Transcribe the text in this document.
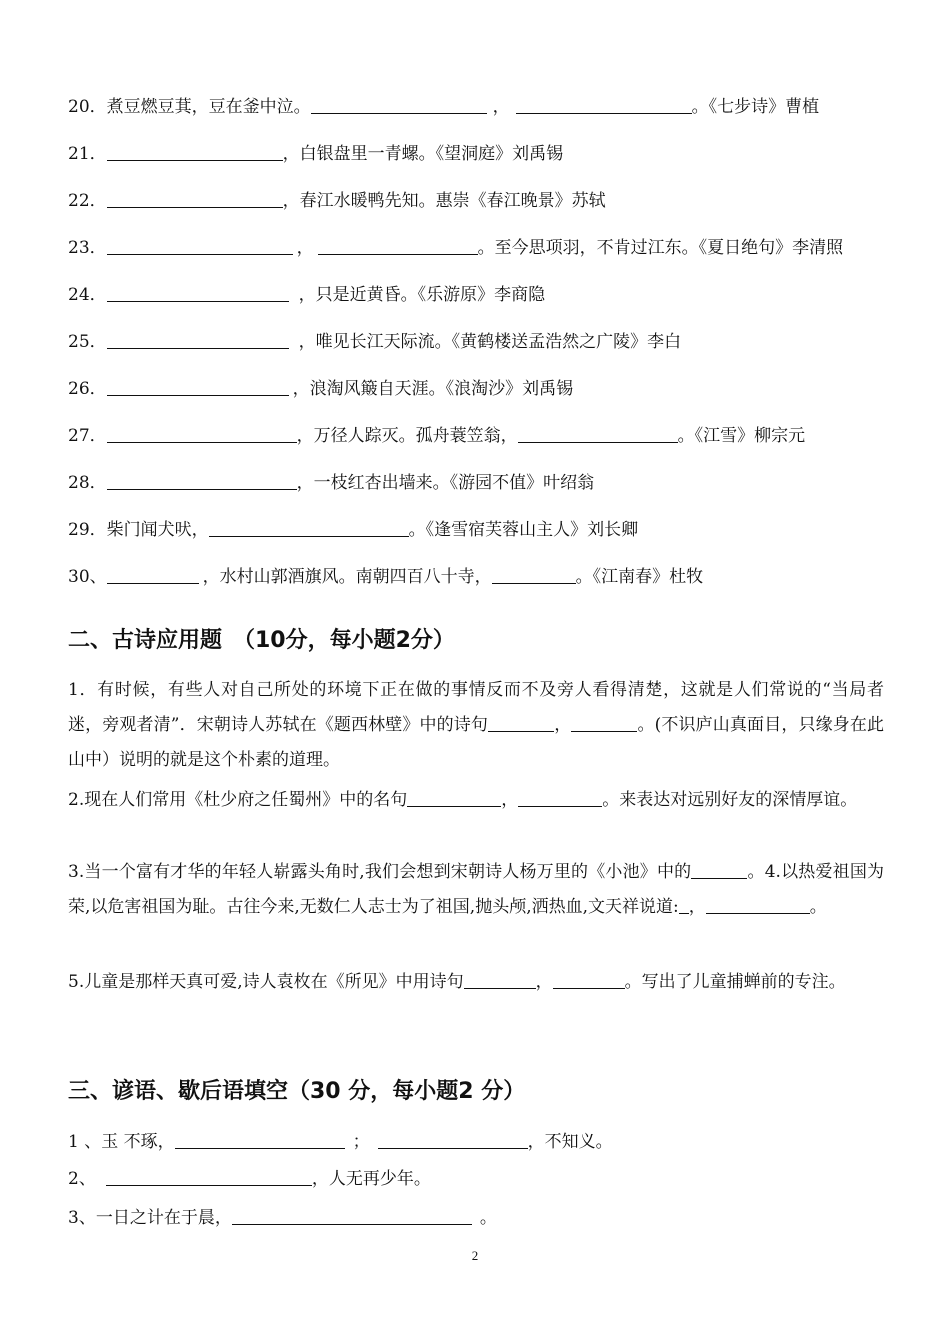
20．煮豆燃豆萁，豆在釜中泣。	，	。《七步诗》曹植
21．	，白银盘里一青螺。《望洞庭》刘禹锡
22．	，春江水暖鸭先知。惠崇《春江晚景》苏轼
23．	，	。至今思项羽，不肯过江东。《夏日绝句》李清照
24．	，只是近黄昏。《乐游原》李商隐
25．	，唯见长江天际流。《黄鹤楼送孟浩然之广陵》李白
26．	，浪淘风簸自天涯。《浪淘沙》刘禹锡
27．	，万径人踪灭。孤舟蓑笠翁，	。《江雪》柳宗元
28．	，一枝红杏出墙来。《游园不值》叶绍翁
29．柴门闻犬吠，	。《逢雪宿芙蓉山主人》刘长卿
30、	，水村山郭酒旗风。南朝四百八十寺，	。《江南春》杜牧
二、古诗应用题　（10分，每小题2分）
1．有时候，有些人对自己所处的环境下正在做的事情反而不及旁人看得清楚，这就是人们常说的“当局者迷，旁观者清”．宋朝诗人苏轼在《题西林壁》中的诗句	，	。(不识庐山真面目，只缘身在此山中）说明的就是这个朴素的道理。
2.现在人们常用《杜少府之任蜀州》中的名句	，	。来表达对远别好友的深情厚谊。
3.当一个富有才华的年轻人崭露头角时,我们会想到宋朝诗人杨万里的《小池》中的	。4.以热爱祖国为荣,以危害祖国为耻。古往今来,无数仁人志士为了祖国,抛头颅,洒热血,文天祥说道: ，	。
5.儿童是那样天真可爱,诗人袁枚在《所见》中用诗句	，	。写出了儿童捕蝉前的专注。
三、谚语、歇后语填空（30 分，每小题2 分）
1 、玉 不琢，	；	，不知义。
2、	，人无再少年。
3、一日之计在于晨，	。
2
